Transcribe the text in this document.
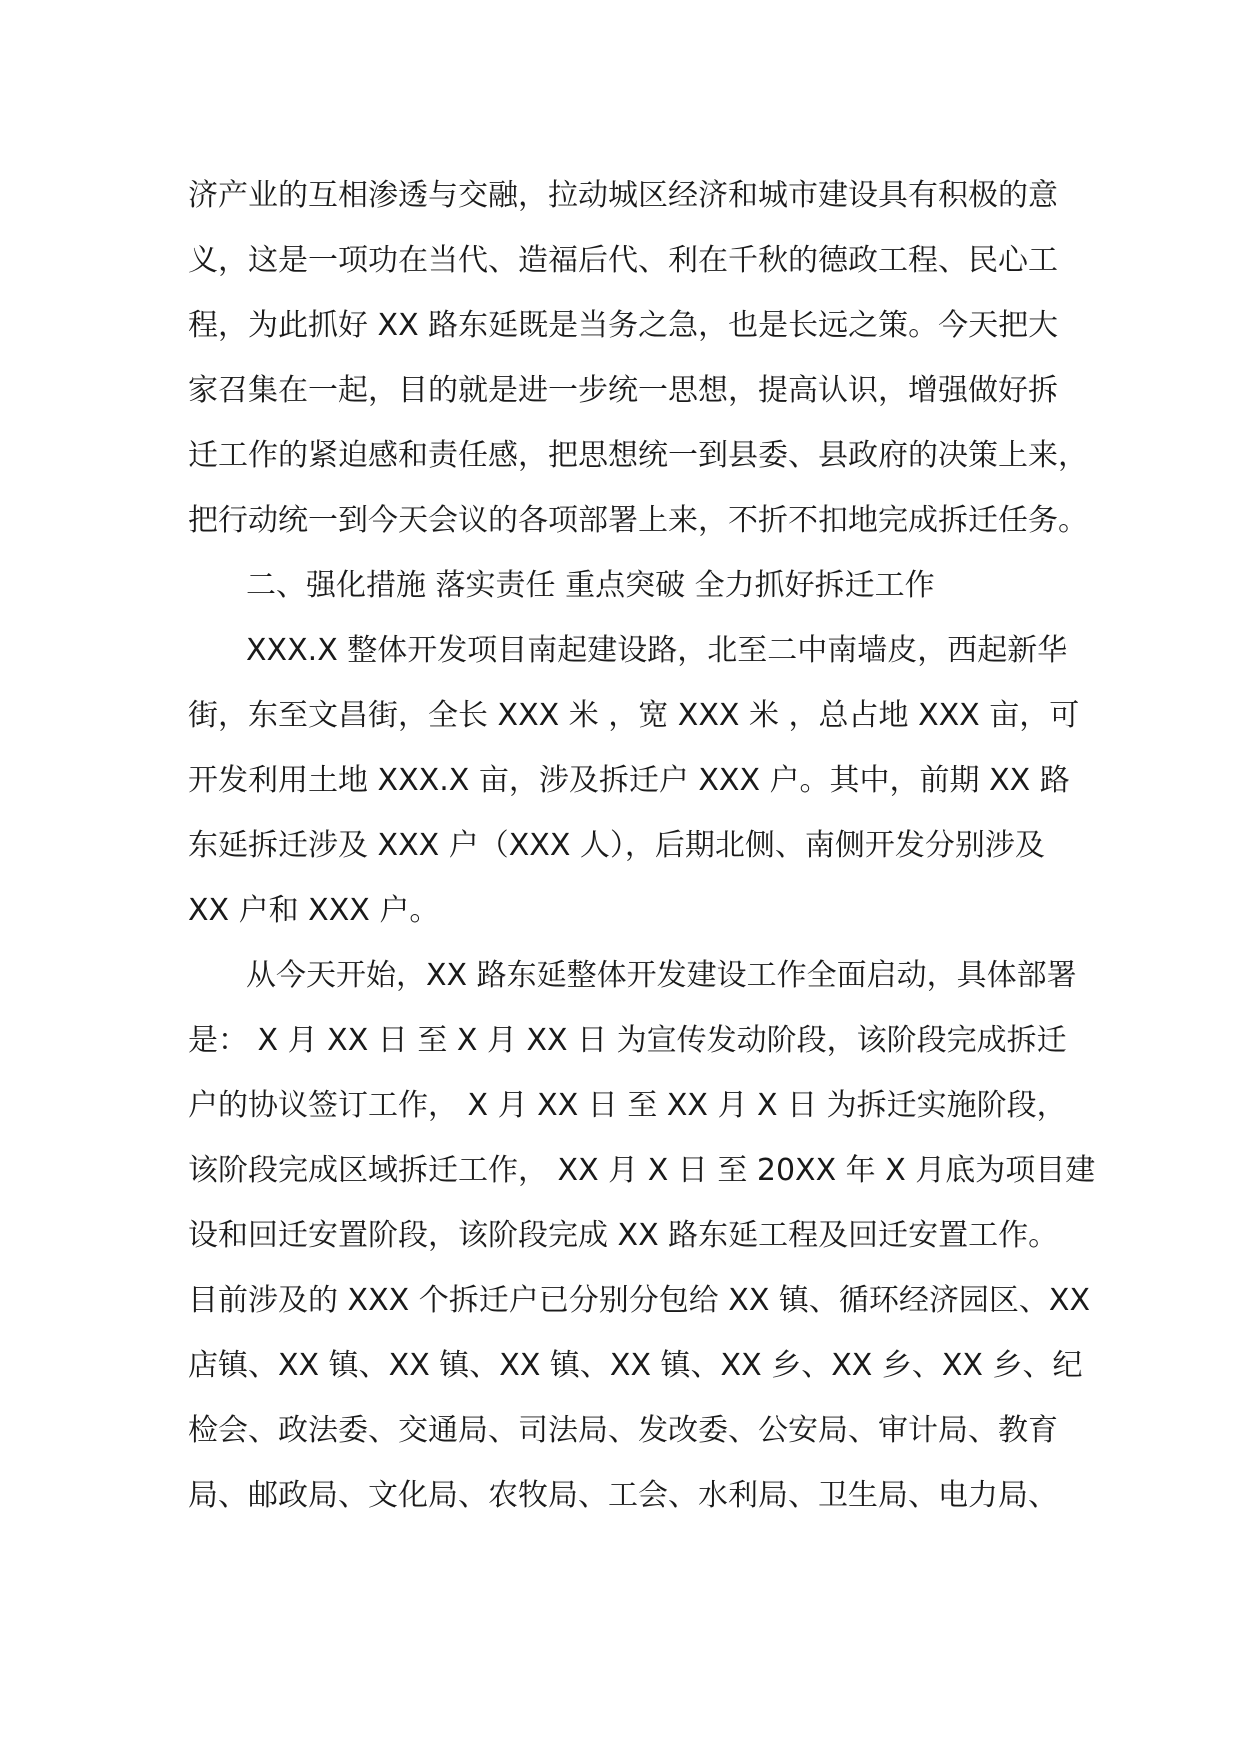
济产业的互相渗透与交融，拉动城区经济和城市建设具有积极的意
义，这是一项功在当代、造福后代、利在千秋的德政工程、民心工
程，为此抓好 XX 路东延既是当务之急，也是长远之策。今天把大
家召集在一起，目的就是进一步统一思想，提高认识，增强做好拆
迁工作的紧迫感和责任感，把思想统一到县委、县政府的决策上来，
把行动统一到今天会议的各项部署上来，不折不扣地完成拆迁任务。
二、强化措施 落实责任 重点突破 全力抓好拆迁工作
XXX.X 整体开发项目南起建设路，北至二中南墙皮，西起新华
街，东至文昌街，全长 XXX 米 ，宽 XXX 米 ，总占地 XXX 亩，可
开发利用土地 XXX.X 亩，涉及拆迁户 XXX 户。其中，前期 XX 路
东延拆迁涉及 XXX 户（XXX 人），后期北侧、南侧开发分别涉及
XX 户和 XXX 户。
从今天开始，XX 路东延整体开发建设工作全面启动，具体部署
是： X 月 XX 日 至 X 月 XX 日 为宣传发动阶段，该阶段完成拆迁
户的协议签订工作， X 月 XX 日 至 XX 月 X 日 为拆迁实施阶段，
该阶段完成区域拆迁工作， XX 月 X 日 至 20XX 年 X 月底为项目建
设和回迁安置阶段，该阶段完成 XX 路东延工程及回迁安置工作。
目前涉及的 XXX 个拆迁户已分别分包给 XX 镇、循环经济园区、XX
店镇、XX 镇、XX 镇、XX 镇、XX 镇、XX 乡、XX 乡、XX 乡、纪
检会、政法委、交通局、司法局、发改委、公安局、审计局、教育
局、邮政局、文化局、农牧局、工会、水利局、卫生局、电力局、
